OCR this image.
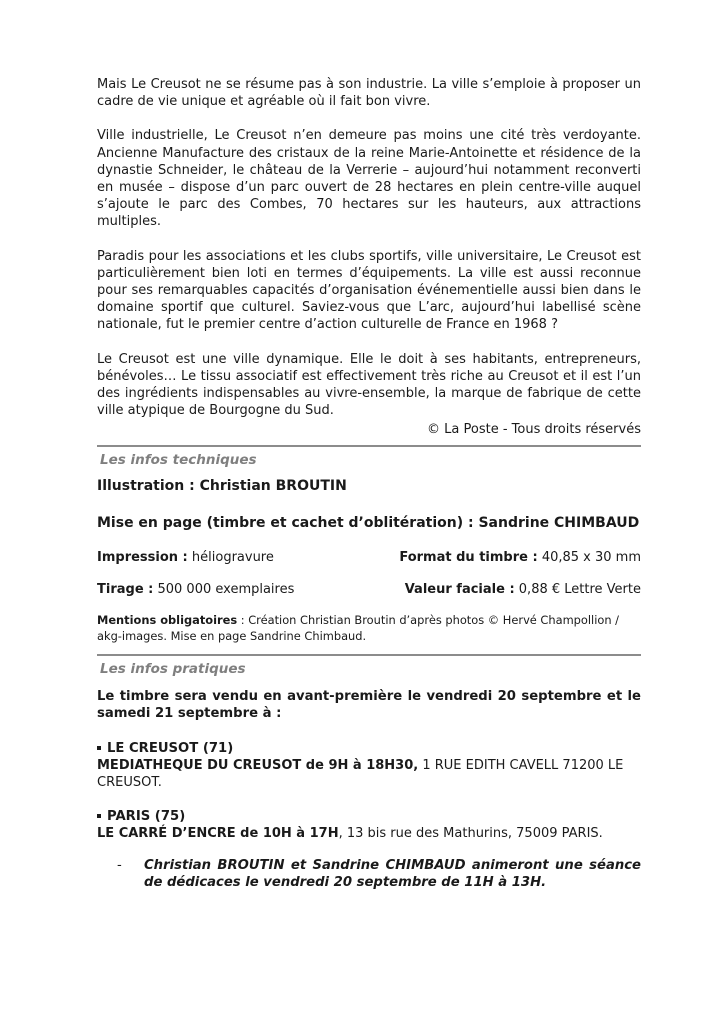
Mais Le Creusot ne se résume pas à son industrie. La ville s’emploie à proposer un cadre de vie unique et agréable où il fait bon vivre.

Ville industrielle, Le Creusot n’en demeure pas moins une cité très verdoyante. Ancienne Manufacture des cristaux de la reine Marie-Antoinette et résidence de la dynastie Schneider, le château de la Verrerie – aujourd’hui notamment reconverti en musée – dispose d’un parc ouvert de 28 hectares en plein centre-ville auquel s’ajoute le parc des Combes, 70 hectares sur les hauteurs, aux attractions multiples.

Paradis pour les associations et les clubs sportifs, ville universitaire, Le Creusot est particulièrement bien loti en termes d’équipements. La ville est aussi reconnue pour ses remarquables capacités d’organisation événementielle aussi bien dans le domaine sportif que culturel. Saviez-vous que L’arc, aujourd’hui labellisé scène nationale, fut le premier centre d’action culturelle de France en 1968 ?

Le Creusot est une ville dynamique. Elle le doit à ses habitants, entrepreneurs, bénévoles… Le tissu associatif est effectivement très riche au Creusot et il est l’un des ingrédients indispensables au vivre-ensemble, la marque de fabrique de cette ville atypique de Bourgogne du Sud.

© La Poste - Tous droits réservés

Les infos techniques

Illustration : Christian BROUTIN

Mise en page (timbre et cachet d’oblitération) : Sandrine CHIMBAUD

Impression : héliogravure	Format du timbre : 40,85 x 30 mm
Tirage : 500 000 exemplaires	Valeur faciale : 0,88 € Lettre Verte

Mentions obligatoires : Création Christian Broutin d’après photos © Hervé Champollion / akg-images. Mise en page Sandrine Chimbaud.

Les infos pratiques

Le timbre sera vendu en avant-première le vendredi 20 septembre et le samedi 21 septembre à :

LE CREUSOT (71)

MEDIATHEQUE DU CREUSOT de 9H à 18H30, 1 RUE EDITH CAVELL 71200 LE CREUSOT.

PARIS (75)

LE CARRÉ D’ENCRE de 10H à 17H, 13 bis rue des Mathurins, 75009 PARIS.

-	Christian BROUTIN et Sandrine CHIMBAUD animeront une séance de dédicaces le vendredi 20 septembre de 11H à 13H.
